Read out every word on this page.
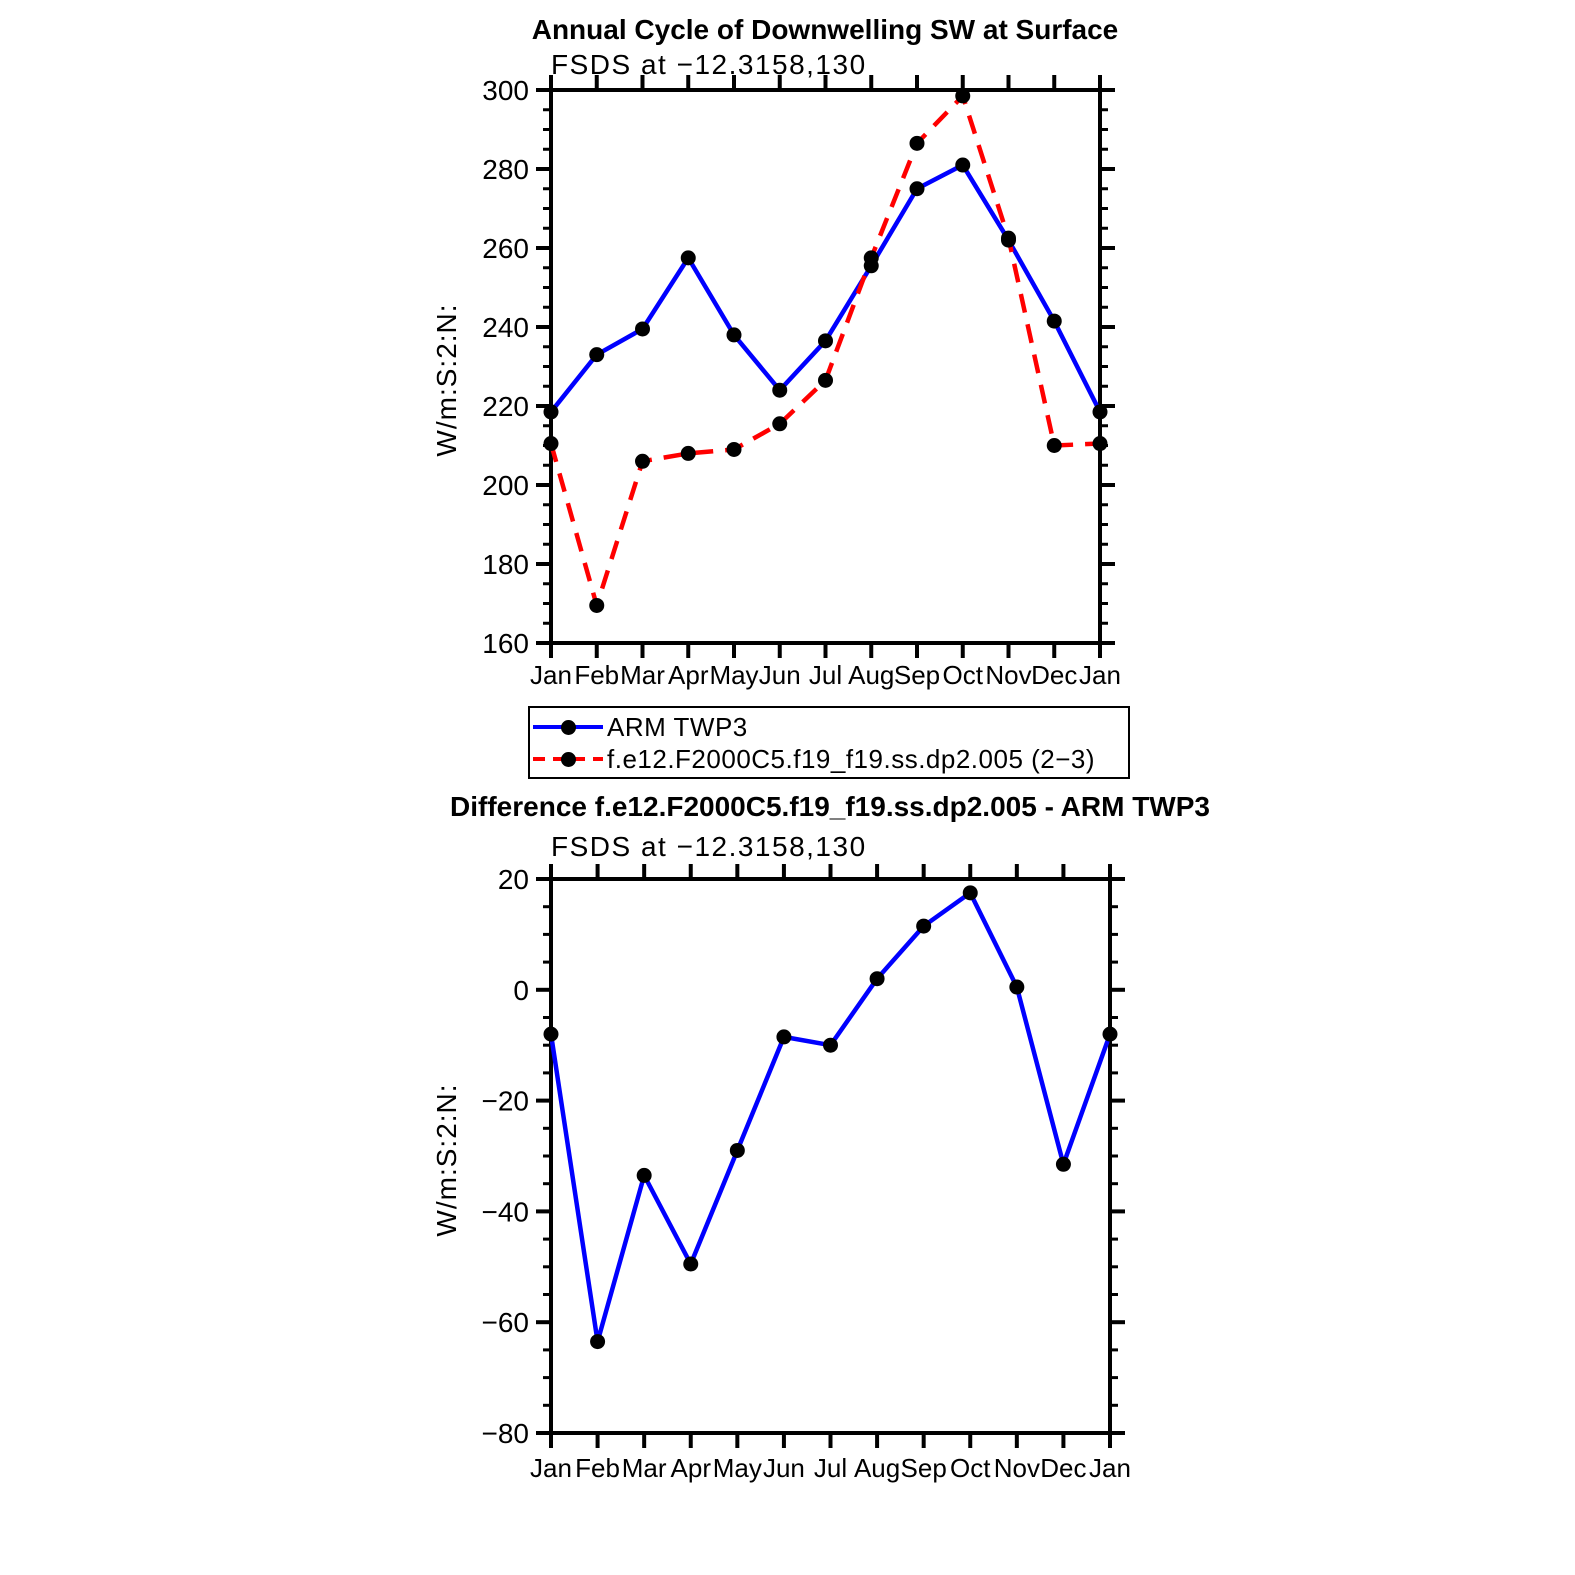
160
180
200
220
240
260
280
300
Jan Feb Mar Apr May Jun Jul Aug Sep Oct Nov Dec Jan
W/m:S:2:N:
−80
−60
−40
−20
0
20
Jan Feb Mar Apr May Jun Jul Aug Sep Oct Nov Dec Jan
W/m:S:2:N:
Annual Cycle of Downwelling SW at Surface
FSDS at −12.3158,130
ARM TWP3
f.e12.F2000C5.f19_f19.ss.dp2.005 (2−3)
Difference f.e12.F2000C5.f19_f19.ss.dp2.005 - ARM TWP3
FSDS at −12.3158,130
